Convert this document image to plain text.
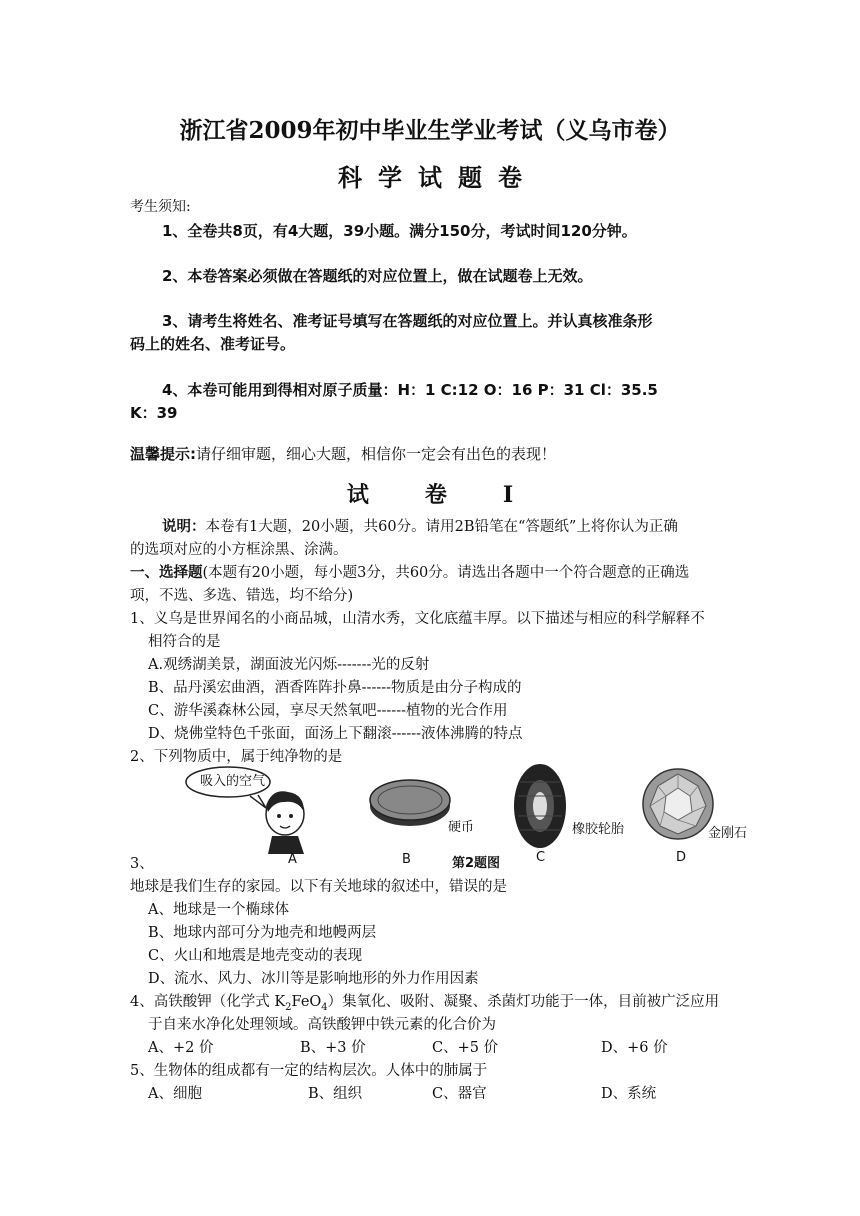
浙江省2009年初中毕业生学业考试（义乌市卷）
科学试题卷
考生须知:
1、全卷共8页，有4大题，39小题。满分150分，考试时间120分钟。
2、本卷答案必须做在答题纸的对应位置上，做在试题卷上无效。
3、请考生将姓名、准考证号填写在答题纸的对应位置上。并认真核准条形
码上的姓名、准考证号。
4、本卷可能用到得相对原子质量：H：1 C:12 O：16 P：31 Cl：35.5
K：39
温馨提示:请仔细审题，细心大题，相信你一定会有出色的表现！
试	卷	I
说明：本卷有1大题，20小题，共60分。请用2B铅笔在“答题纸”上将你认为正确
的选项对应的小方框涂黑、涂满。
一、选择题(本题有20小题，每小题3分，共60分。请选出各题中一个符合题意的正确选
项，不选、多选、错选，均不给分)
1、义乌是世界闻名的小商品城，山清水秀，文化底蕴丰厚。以下描述与相应的科学解释不
相符合的是
A.观绣湖美景，湖面波光闪烁-------光的反射
B、品丹溪宏曲酒，酒香阵阵扑鼻------物质是由分子构成的
C、游华溪森林公园，享尽天然氧吧------植物的光合作用
D、烧佛堂特色千张面，面汤上下翻滚------液体沸腾的特点
2、下列物质中，属于纯净物的是
吸入的空气
A
硬币
B	第2题图
橡胶轮胎
C
金刚石
D
3、
地球是我们生存的家园。以下有关地球的叙述中，错误的是
A、地球是一个椭球体
B、地球内部可分为地壳和地幔两层
C、火山和地震是地壳变动的表现
D、流水、风力、冰川等是影响地形的外力作用因素
4、高铁酸钾（化学式 $K_2FeO_4$）集氧化、吸附、凝聚、杀菌灯功能于一体，目前被广泛应用
于自来水净化处理领域。高铁酸钾中铁元素的化合价为
A、+2 价	B、+3 价	C、+5 价	D、+6 价
5、生物体的组成都有一定的结构层次。人体中的肺属于
A、细胞	B、组织	C、器官	D、系统
